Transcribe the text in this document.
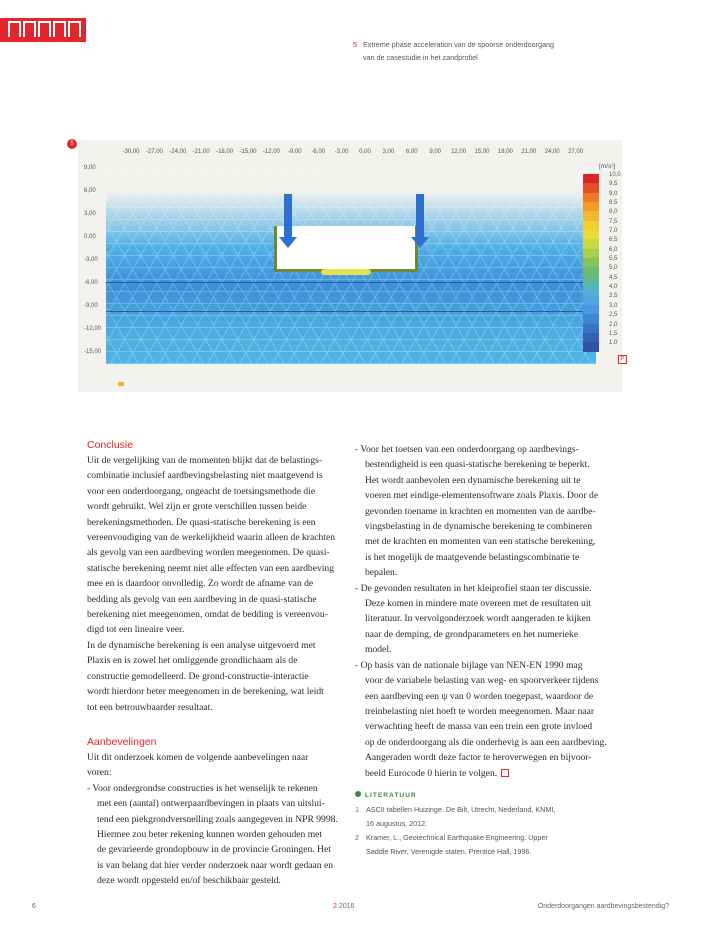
5 Extreme phase acceleration van de spoorse onderdoorgang
van de casestudie in het zandprofiel
5
-30,00 -27,00 -24,00 -21,00 -18,00 -15,00 -12,00 -9,00 -6,00 -3,00 0,00 3,00 6,00 9,00 12,00 15,00 18,00 21,00 24,00 27,00
9,00
6,00
3,00
0,00
-3,00
-6,00
-9,00
-12,00
-15,00
[m/s²]
10,0
9,5
9,0
8,5
8,0
7,5
7,0
6,5
6,0
5,5
5,0
4,5
4,0
3,5
3,0
2,5
2,0
1,5
1,0
P
Conclusie
Uit de vergelijking van de momenten blijkt dat de belastings-
combinatie inclusief aardbevingsbelasting niet maatgevend is
voor een onderdoorgang, ongeacht de toetsingsmethode die
wordt gebruikt. Wel zijn er grote verschillen tussen beide
berekeningsmethoden. De quasi-statische berekening is een
vereenvoudiging van de werkelijkheid waarin alleen de krachten
als gevolg van een aardbeving worden meegenomen. De quasi-
statische berekening neemt niet alle effecten van een aardbeving
mee en is daardoor onvolledig. Zo wordt de afname van de
bedding als gevolg van een aardbeving in de quasi-statische
berekening niet meegenomen, omdat de bedding is vereenvou-
digd tot een lineaire veer.
In de dynamische berekening is een analyse uitgevoerd met
Plaxis en is zowel het omliggende grondlichaam als de
constructie gemodelleerd. De grond-constructie-interactie
wordt hierdoor beter meegenomen in de berekening, wat leidt
tot een betrouwbaarder resultaat.
Aanbevelingen
Uit dit onderzoek komen de volgende aanbevelingen naar
voren:
- Voor ondergrondse constructies is het wenselijk te rekenen
met een (aantal) ontwerpaardbevingen in plaats van uitslui-
tend een piekgrondversnelling zoals aangegeven in NPR 9998.
Hiermee zou beter rekening kunnen worden gehouden met
de gevarieerde grondopbouw in de provincie Groningen. Het
is van belang dat hier verder onderzoek naar wordt gedaan en
deze wordt opgesteld en/of beschikbaar gesteld.
- Voor het toetsen van een onderdoorgang op aardbevings-
bestendigheid is een quasi-statische berekening te beperkt.
Het wordt aanbevolen een dynamische berekening uit te
voeren met eindige-elementensoftware zoals Plaxis. Door de
gevonden toename in krachten en momenten van de aardbe-
vingsbelasting in de dynamische berekening te combineren
met de krachten en momenten van een statische berekening,
is het mogelijk de maatgevende belastingscombinatie te
bepalen.
- De gevonden resultaten in het kleiprofiel staan ter discussie.
Deze komen in mindere mate overeen met de resultaten uit
literatuur. In vervolgonderzoek wordt aangeraden te kijken
naar de demping, de grondparameters en het numerieke
model.
- Op basis van de nationale bijlage van NEN-EN 1990 mag
voor de variabele belasting van weg- en spoorverkeer tijdens
een aardbeving een ψ van 0 worden toegepast, waardoor de
treinbelasting niet hoeft te worden meegenomen. Maar naar
verwachting heeft de massa van een trein een grote invloed
op de onderdoorgang als die onderhevig is aan een aardbeving.
Aangeraden wordt deze factor te heroverwegen en bijvoor-
beeld Eurocode 0 hierin te volgen.
LITERATUUR
1 ASCII tabellen Huizinge. De Bilt, Utrecht, Nederland, KNMI,
16 augustus, 2012.
2 Kramer, L., Geotechnical Earthquake Engineering. Upper
Saddle River, Verenigde staten, Prentice Hall, 1996.
6	2 2016	Onderdoorgangen aardbevingsbestendig?
